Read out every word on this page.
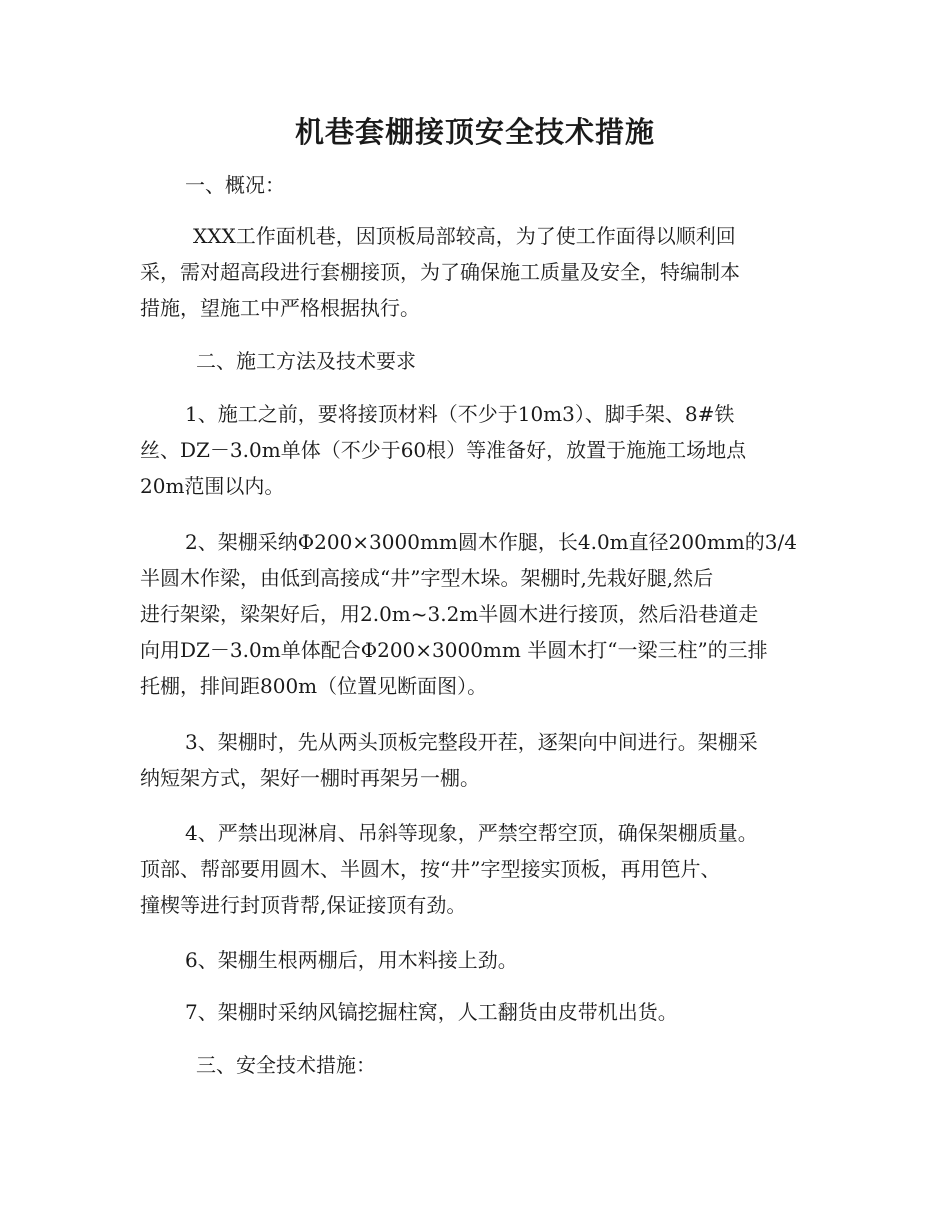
机巷套棚接顶安全技术措施

一、概况：

XXX工作面机巷，因顶板局部较高，为了使工作面得以顺利回
采，需对超高段进行套棚接顶，为了确保施工质量及安全，特编制本
措施，望施工中严格根据执行。

二、施工方法及技术要求

1、施工之前，要将接顶材料（不少于10m3）、脚手架、8#铁
丝、DZ－3.0m单体（不少于60根）等准备好，放置于施施工场地点
20m范围以内。

2、架棚采纳Φ200×3000mm圆木作腿，长4.0m直径200mm的3/4
半圆木作梁，由低到高接成“井”字型木垛。架棚时,先栽好腿,然后
进行架梁，梁架好后，用2.0m~3.2m半圆木进行接顶，然后沿巷道走
向用DZ－3.0m单体配合Φ200×3000mm 半圆木打“一梁三柱”的三排
托棚，排间距800m（位置见断面图）。

3、架棚时，先从两头顶板完整段开茬，逐架向中间进行。架棚采
纳短架方式，架好一棚时再架另一棚。

4、严禁出现淋肩、吊斜等现象，严禁空帮空顶，确保架棚质量。
顶部、帮部要用圆木、半圆木，按“井”字型接实顶板，再用笆片、
撞楔等进行封顶背帮,保证接顶有劲。

6、架棚生根两棚后，用木料接上劲。

7、架棚时采纳风镐挖掘柱窝，人工翻货由皮带机出货。

三、安全技术措施：
